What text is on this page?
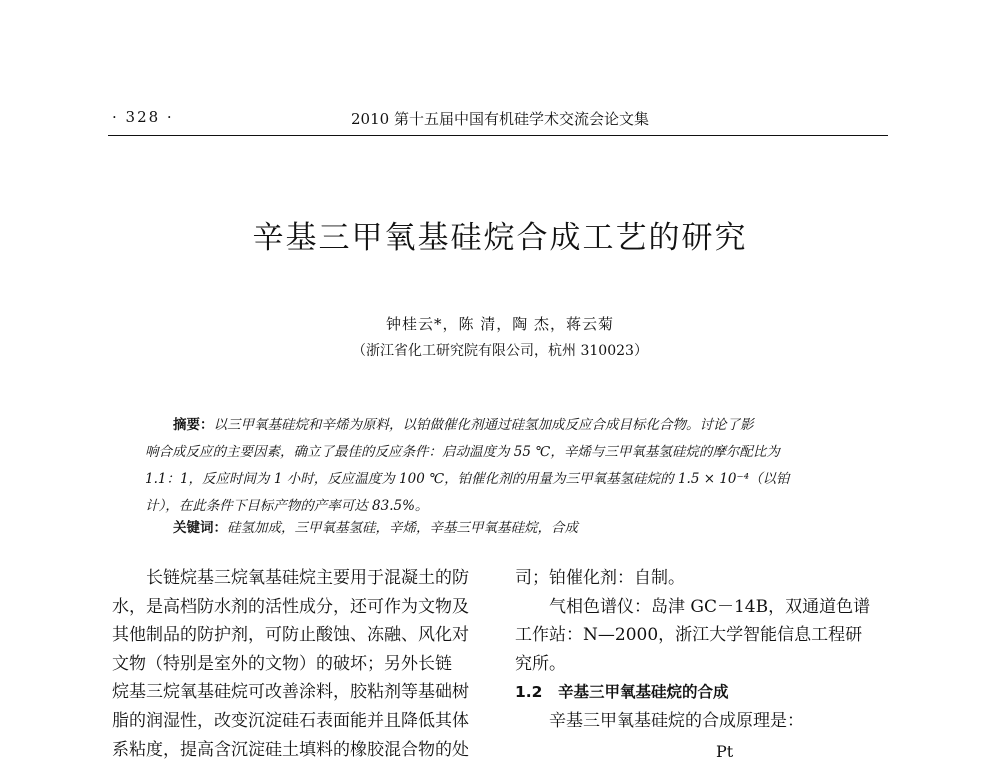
· 328 ·	2010 第十五届中国有机硅学术交流会论文集
辛基三甲氧基硅烷合成工艺的研究
钟桂云*，陈 清，陶 杰，蒋云菊
（浙江省化工研究院有限公司，杭州 310023）
摘要：以三甲氧基硅烷和辛烯为原料，以铂做催化剂通过硅氢加成反应合成目标化合物。讨论了影
响合成反应的主要因素，确立了最佳的反应条件：启动温度为 55 ℃，辛烯与三甲氧基氢硅烷的摩尔配比为
1.1：1，反应时间为 1 小时，反应温度为 100 ℃，铂催化剂的用量为三甲氧基氢硅烷的 1.5 × 10⁻⁴（以铂
计），在此条件下目标产物的产率可达 83.5%。
关键词：硅氢加成，三甲氧基氢硅，辛烯，辛基三甲氧基硅烷，合成
长链烷基三烷氧基硅烷主要用于混凝土的防
水，是高档防水剂的活性成分，还可作为文物及
其他制品的防护剂，可防止酸蚀、冻融、风化对
文物（特别是室外的文物）的破坏；另外长链
烷基三烷氧基硅烷可改善涂料，胶粘剂等基础树
脂的润湿性，改变沉淀硅石表面能并且降低其体
系粘度，提高含沉淀硅土填料的橡胶混合物的处
司；铂催化剂：自制。
气相色谱仪：岛津 GC－14B，双通道色谱
工作站：N—2000，浙江大学智能信息工程研
究所。
1.2　辛基三甲氧基硅烷的合成
辛基三甲氧基硅烷的合成原理是：
Pt
